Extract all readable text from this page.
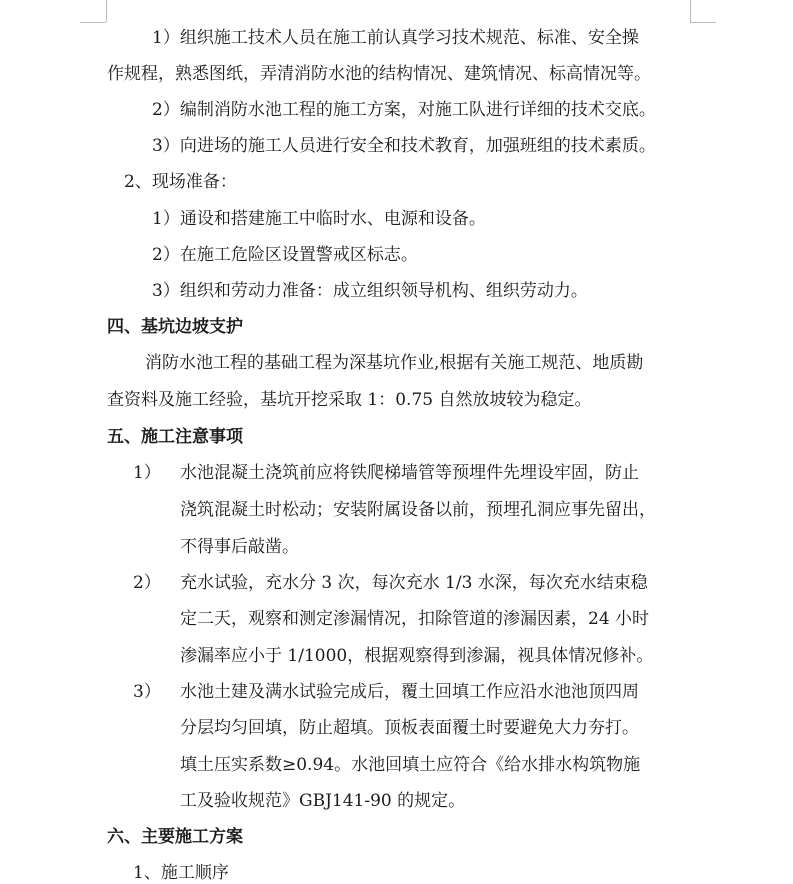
1）组织施工技术人员在施工前认真学习技术规范、标准、安全操
作规程，熟悉图纸，弄清消防水池的结构情况、建筑情况、标高情况等。
2）编制消防水池工程的施工方案，对施工队进行详细的技术交底。
3）向进场的施工人员进行安全和技术教育，加强班组的技术素质。
2、现场准备：
1）通设和搭建施工中临时水、电源和设备。
2）在施工危险区设置警戒区标志。
3）组织和劳动力准备：成立组织领导机构、组织劳动力。
四、基坑边坡支护
消防水池工程的基础工程为深基坑作业,根据有关施工规范、地质勘
查资料及施工经验，基坑开挖采取 1：0.75 自然放坡较为稳定。
五、施工注意事项
1） 水池混凝土浇筑前应将铁爬梯墙管等预埋件先埋设牢固，防止
浇筑混凝土时松动；安装附属设备以前，预埋孔洞应事先留出，
不得事后敲凿。
2） 充水试验，充水分 3 次，每次充水 1/3 水深，每次充水结束稳
定二天，观察和测定渗漏情况，扣除管道的渗漏因素，24 小时
渗漏率应小于 1/1000，根据观察得到渗漏，视具体情况修补。
3） 水池土建及满水试验完成后，覆土回填工作应沿水池池顶四周
分层均匀回填，防止超填。顶板表面覆土时要避免大力夯打。
填土压实系数≥0.94。水池回填土应符合《给水排水构筑物施
工及验收规范》GBJ141-90 的规定。
六、主要施工方案
1、施工顺序
